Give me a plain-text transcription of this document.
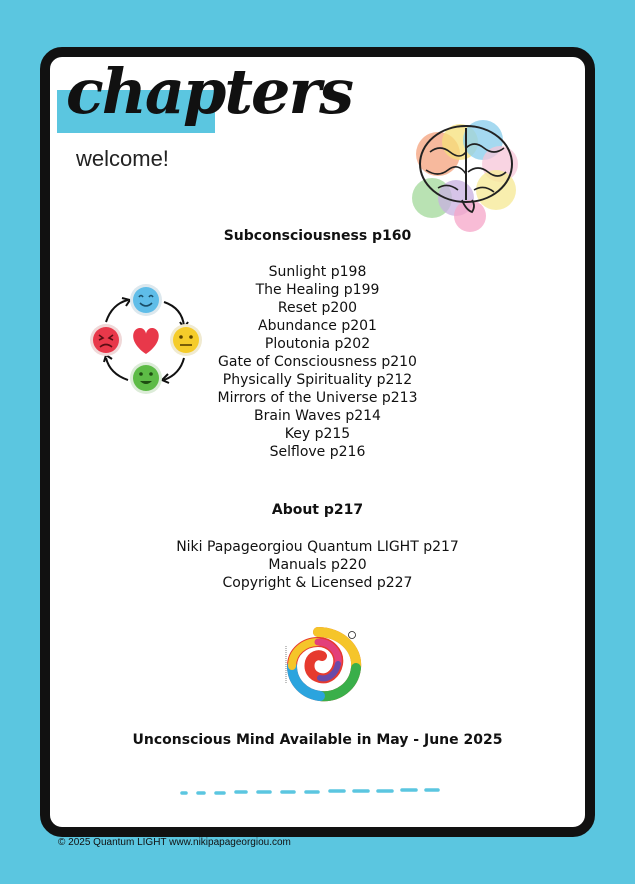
chapters
welcome!
Subconsciousness p160
Sunlight p198
The Healing p199
Reset p200
Abundance p201
Ploutonia p202
Gate of Consciousness p210
Physically Spirituality p212
Mirrors of the Universe p213
Brain Waves p214
Key p215
Selflove p216
About p217
Niki Papageorgiou Quantum LIGHT p217
Manuals p220
Copyright & Licensed p227
Unconscious Mind Available in May - June 2025
© 2025 Quantum LIGHT www.nikipapageorgiou.com
